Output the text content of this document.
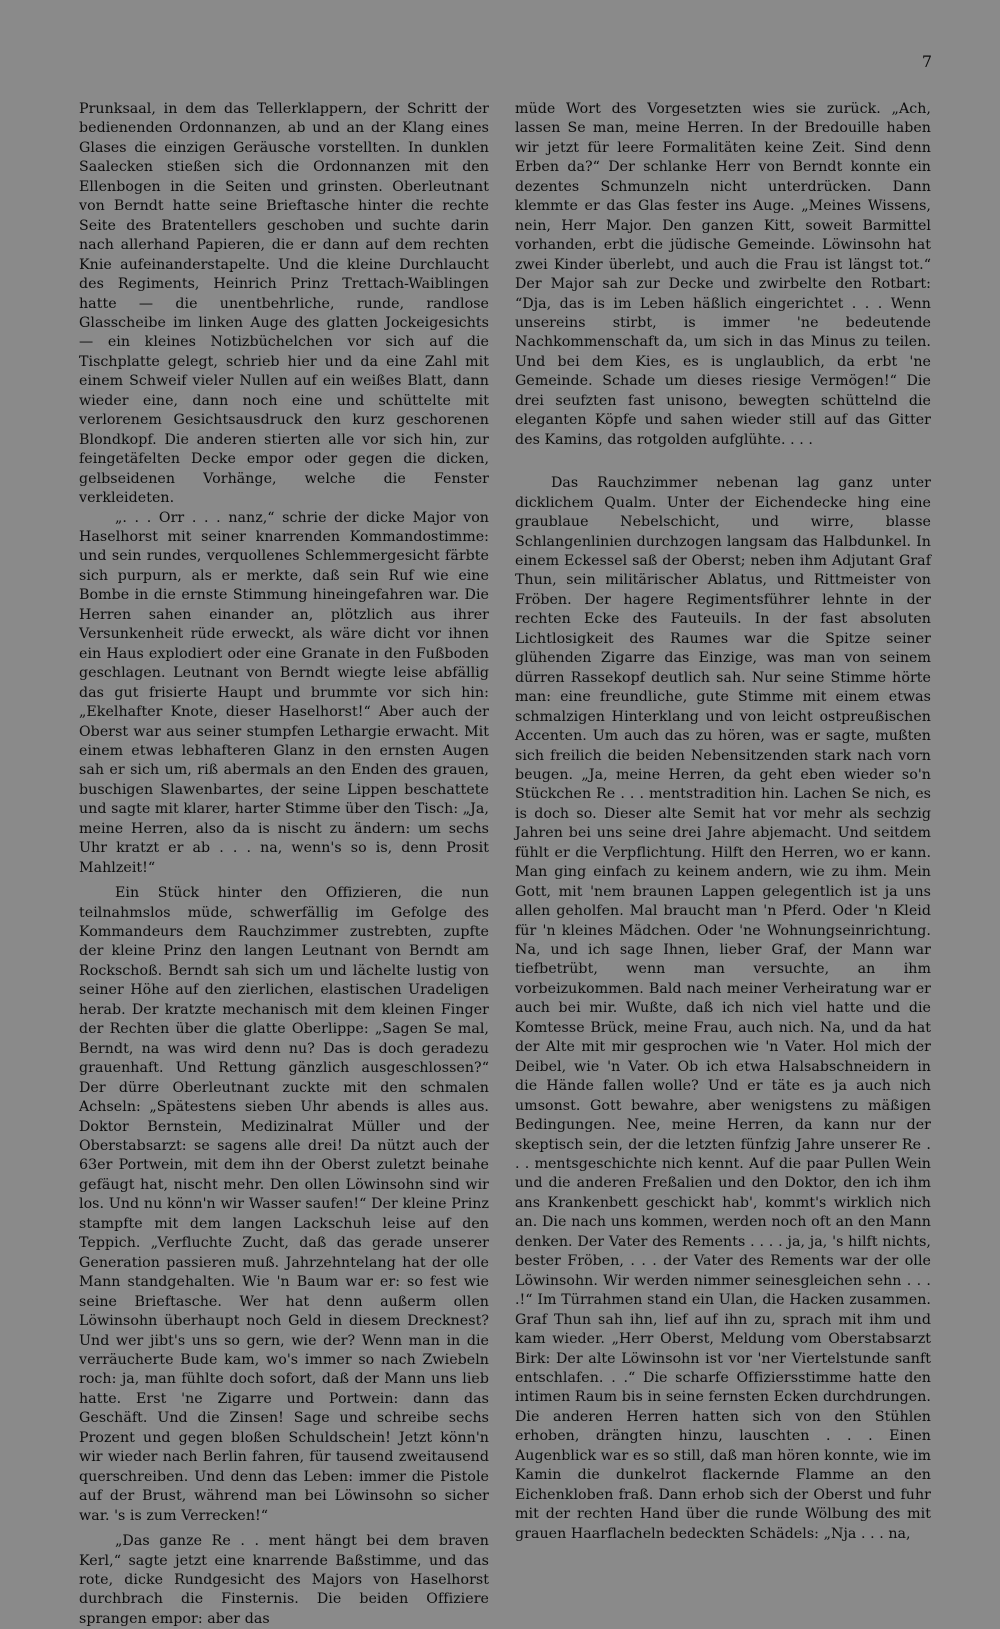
7

Prunksaal, in dem das Tellerklappern, der Schritt der bedienenden Ordonnanzen, ab und an der Klang eines Glases die einzigen Geräusche vorstellten. In dunklen Saalecken stießen sich die Ordonnanzen mit den Ellenbogen in die Seiten und grinsten. Oberleutnant von Berndt hatte seine Brieftasche hinter die rechte Seite des Bratentellers geschoben und suchte darin nach allerhand Papieren, die er dann auf dem rechten Knie aufeinanderstapelte. Und die kleine Durchlaucht des Regiments, Heinrich Prinz Trettach-Waiblingen hatte — die unentbehrliche, runde, randlose Glasscheibe im linken Auge des glatten Jockeigesichts — ein kleines Notizbüchelchen vor sich auf die Tischplatte gelegt, schrieb hier und da eine Zahl mit einem Schweif vieler Nullen auf ein weißes Blatt, dann wieder eine, dann noch eine und schüttelte mit verlorenem Gesichtsausdruck den kurz geschorenen Blondkopf. Die anderen stierten alle vor sich hin, zur feingetäfelten Decke empor oder gegen die dicken, gelbseidenen Vorhänge, welche die Fenster verkleideten.

„. . . Orr . . . nanz,“ schrie der dicke Major von Haselhorst mit seiner knarrenden Kommandostimme: und sein rundes, verquollenes Schlemmergesicht färbte sich purpurn, als er merkte, daß sein Ruf wie eine Bombe in die ernste Stimmung hineingefahren war. Die Herren sahen einander an, plötzlich aus ihrer Versunkenheit rüde erweckt, als wäre dicht vor ihnen ein Haus explodiert oder eine Granate in den Fußboden geschlagen. Leutnant von Berndt wiegte leise abfällig das gut frisierte Haupt und brummte vor sich hin: „Ekelhafter Knote, dieser Haselhorst!“ Aber auch der Oberst war aus seiner stumpfen Lethargie erwacht. Mit einem etwas lebhafteren Glanz in den ernsten Augen sah er sich um, riß abermals an den Enden des grauen, buschigen Slawenbartes, der seine Lippen beschattete und sagte mit klarer, harter Stimme über den Tisch: „Ja, meine Herren, also da is nischt zu ändern: um sechs Uhr kratzt er ab . . . na, wenn's so is, denn Prosit Mahlzeit!“

Ein Stück hinter den Offizieren, die nun teilnahmslos müde, schwerfällig im Gefolge des Kommandeurs dem Rauchzimmer zustrebten, zupfte der kleine Prinz den langen Leutnant von Berndt am Rockschoß. Berndt sah sich um und lächelte lustig von seiner Höhe auf den zierlichen, elastischen Uradeligen herab. Der kratzte mechanisch mit dem kleinen Finger der Rechten über die glatte Oberlippe: „Sagen Se mal, Berndt, na was wird denn nu? Das is doch geradezu grauenhaft. Und Rettung gänzlich ausgeschlossen?“ Der dürre Oberleutnant zuckte mit den schmalen Achseln: „Spätestens sieben Uhr abends is alles aus. Doktor Bernstein, Medizinalrat Müller und der Oberstabsarzt: se sagens alle drei! Da nützt auch der 63er Portwein, mit dem ihn der Oberst zuletzt beinahe gefäugt hat, nischt mehr. Den ollen Löwinsohn sind wir los. Und nu könn'n wir Wasser saufen!“ Der kleine Prinz stampfte mit dem langen Lackschuh leise auf den Teppich. „Verfluchte Zucht, daß das gerade unserer Generation passieren muß. Jahrzehntelang hat der olle Mann standgehalten. Wie 'n Baum war er: so fest wie seine Brieftasche. Wer hat denn außerm ollen Löwinsohn überhaupt noch Geld in diesem Drecknest? Und wer jibt's uns so gern, wie der? Wenn man in die verräucherte Bude kam, wo's immer so nach Zwiebeln roch: ja, man fühlte doch sofort, daß der Mann uns lieb hatte. Erst 'ne Zigarre und Portwein: dann das Geschäft. Und die Zinsen! Sage und schreibe sechs Prozent und gegen bloßen Schuldschein! Jetzt könn'n wir wieder nach Berlin fahren, für tausend zweitausend querschreiben. Und denn das Leben: immer die Pistole auf der Brust, während man bei Löwinsohn so sicher war. 's is zum Verrecken!“

„Das ganze Re . . ment hängt bei dem braven Kerl,“ sagte jetzt eine knarrende Baßstimme, und das rote, dicke Rundgesicht des Majors von Haselhorst durchbrach die Finsternis. Die beiden Offiziere sprangen empor: aber das

müde Wort des Vorgesetzten wies sie zurück. „Ach, lassen Se man, meine Herren. In der Bredouille haben wir jetzt für leere Formalitäten keine Zeit. Sind denn Erben da?“ Der schlanke Herr von Berndt konnte ein dezentes Schmunzeln nicht unterdrücken. Dann klemmte er das Glas fester ins Auge. „Meines Wissens, nein, Herr Major. Den ganzen Kitt, soweit Barmittel vorhanden, erbt die jüdische Gemeinde. Löwinsohn hat zwei Kinder überlebt, und auch die Frau ist längst tot.“ Der Major sah zur Decke und zwirbelte den Rotbart: “Dja, das is im Leben häßlich eingerichtet . . . Wenn unsereins stirbt, is immer 'ne bedeutende Nachkommenschaft da, um sich in das Minus zu teilen. Und bei dem Kies, es is unglaublich, da erbt 'ne Gemeinde. Schade um dieses riesige Vermögen!“ Die drei seufzten fast unisono, bewegten schüttelnd die eleganten Köpfe und sahen wieder still auf das Gitter des Kamins, das rotgolden aufglühte. . . .

Das Rauchzimmer nebenan lag ganz unter dicklichem Qualm. Unter der Eichendecke hing eine graublaue Nebelschicht, und wirre, blasse Schlangenlinien durchzogen langsam das Halbdunkel. In einem Eckessel saß der Oberst; neben ihm Adjutant Graf Thun, sein militärischer Ablatus, und Rittmeister von Fröben. Der hagere Regimentsführer lehnte in der rechten Ecke des Fauteuils. In der fast absoluten Lichtlosigkeit des Raumes war die Spitze seiner glühenden Zigarre das Einzige, was man von seinem dürren Rassekopf deutlich sah. Nur seine Stimme hörte man: eine freundliche, gute Stimme mit einem etwas schmalzigen Hinterklang und von leicht ostpreußischen Accenten. Um auch das zu hören, was er sagte, mußten sich freilich die beiden Nebensitzenden stark nach vorn beugen. „Ja, meine Herren, da geht eben wieder so'n Stückchen Re . . . mentstradition hin. Lachen Se nich, es is doch so. Dieser alte Semit hat vor mehr als sechzig Jahren bei uns seine drei Jahre abjemacht. Und seitdem fühlt er die Verpflichtung. Hilft den Herren, wo er kann. Man ging einfach zu keinem andern, wie zu ihm. Mein Gott, mit 'nem braunen Lappen gelegentlich ist ja uns allen geholfen. Mal braucht man 'n Pferd. Oder 'n Kleid für 'n kleines Mädchen. Oder 'ne Wohnungseinrichtung. Na, und ich sage Ihnen, lieber Graf, der Mann war tiefbetrübt, wenn man versuchte, an ihm vorbeizukommen. Bald nach meiner Verheiratung war er auch bei mir. Wußte, daß ich nich viel hatte und die Komtesse Brück, meine Frau, auch nich. Na, und da hat der Alte mit mir gesprochen wie 'n Vater. Hol mich der Deibel, wie 'n Vater. Ob ich etwa Halsabschneidern in die Hände fallen wolle? Und er täte es ja auch nich umsonst. Gott bewahre, aber wenigstens zu mäßigen Bedingungen. Nee, meine Herren, da kann nur der skeptisch sein, der die letzten fünfzig Jahre unserer Re . . . mentsgeschichte nich kennt. Auf die paar Pullen Wein und die anderen Freßalien und den Doktor, den ich ihm ans Krankenbett geschickt hab', kommt's wirklich nich an. Die nach uns kommen, werden noch oft an den Mann denken. Der Vater des Rements . . . . ja, ja, 's hilft nichts, bester Fröben, . . . der Vater des Rements war der olle Löwinsohn. Wir werden nimmer seinesgleichen sehn . . . .!“ Im Türrahmen stand ein Ulan, die Hacken zusammen. Graf Thun sah ihn, lief auf ihn zu, sprach mit ihm und kam wieder. „Herr Oberst, Meldung vom Oberstabsarzt Birk: Der alte Löwinsohn ist vor 'ner Viertelstunde sanft entschlafen. . .“ Die scharfe Offiziersstimme hatte den intimen Raum bis in seine fernsten Ecken durchdrungen. Die anderen Herren hatten sich von den Stühlen erhoben, drängten hinzu, lauschten . . . Einen Augenblick war es so still, daß man hören konnte, wie im Kamin die dunkelrot flackernde Flamme an den Eichenkloben fraß. Dann erhob sich der Oberst und fuhr mit der rechten Hand über die runde Wölbung des mit grauen Haarflacheln bedeckten Schädels: „Nja . . . na,
